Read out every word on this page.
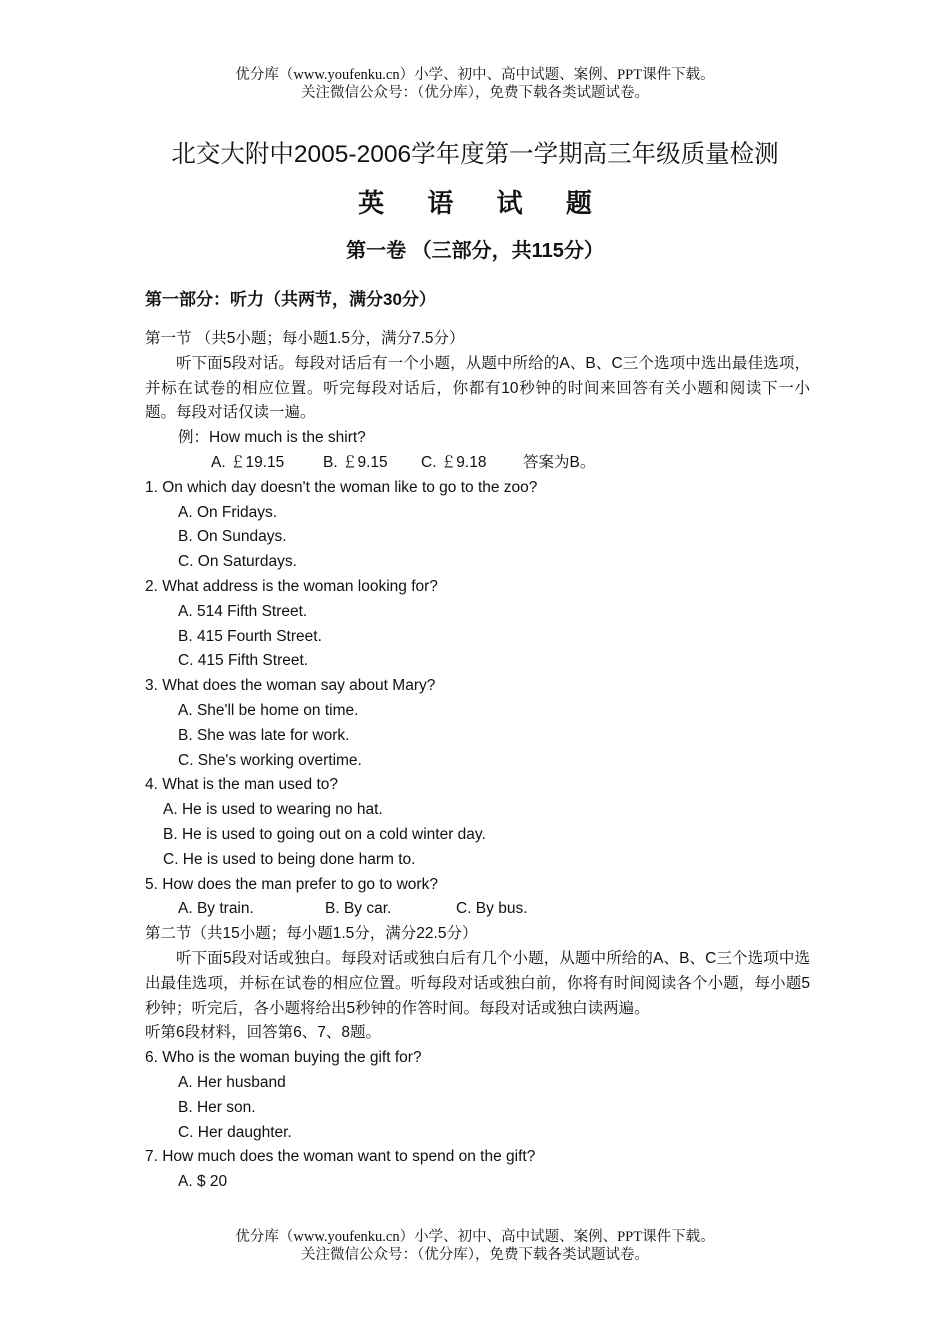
优分库（www.youfenku.cn）小学、初中、高中试题、案例、PPT课件下载。
关注微信公众号：（优分库），免费下载各类试题试卷。
北交大附中2005-2006学年度第一学期高三年级质量检测
英 语 试 题
第一卷 （三部分，共115分）
第一部分：听力（共两节，满分30分）
第一节 （共5小题；每小题1.5分，满分7.5分）
听下面5段对话。每段对话后有一个小题，从题中所给的A、B、C三个选项中选出最佳选项，并标在试卷的相应位置。听完每段对话后，你都有10秒钟的时间来回答有关小题和阅读下一小题。每段对话仅读一遍。
例：How much is the shirt?
A. ￡19.15	B. ￡9.15 C. ￡9.18 答案为B。
1. On which day doesn't the woman like to go to the zoo?
A. On Fridays.
B. On Sundays.
C. On Saturdays.
2. What address is the woman looking for?
A. 514 Fifth Street.
B. 415 Fourth Street.
C. 415 Fifth Street.
3. What does the woman say about Mary?
A. She'll be home on time.
B. She was late for work.
C. She's working overtime.
4. What is the man used to?
A. He is used to wearing no hat.
B. He is used to going out on a cold winter day.
C. He is used to being done harm to.
5. How does the man prefer to go to work?
A. By train.	B. By car.	C. By bus.
第二节（共15小题；每小题1.5分，满分22.5分）
听下面5段对话或独白。每段对话或独白后有几个小题，从题中所给的A、B、C三个选项中选出最佳选项，并标在试卷的相应位置。听每段对话或独白前，你将有时间阅读各个小题，每小题5秒钟；听完后，各小题将给出5秒钟的作答时间。每段对话或独白读两遍。
听第6段材料，回答第6、7、8题。
6. Who is the woman buying the gift for?
A. Her husband
B. Her son.
C. Her daughter.
7. How much does the woman want to spend on the gift?
A. $ 20
优分库（www.youfenku.cn）小学、初中、高中试题、案例、PPT课件下载。
关注微信公众号：（优分库），免费下载各类试题试卷。
